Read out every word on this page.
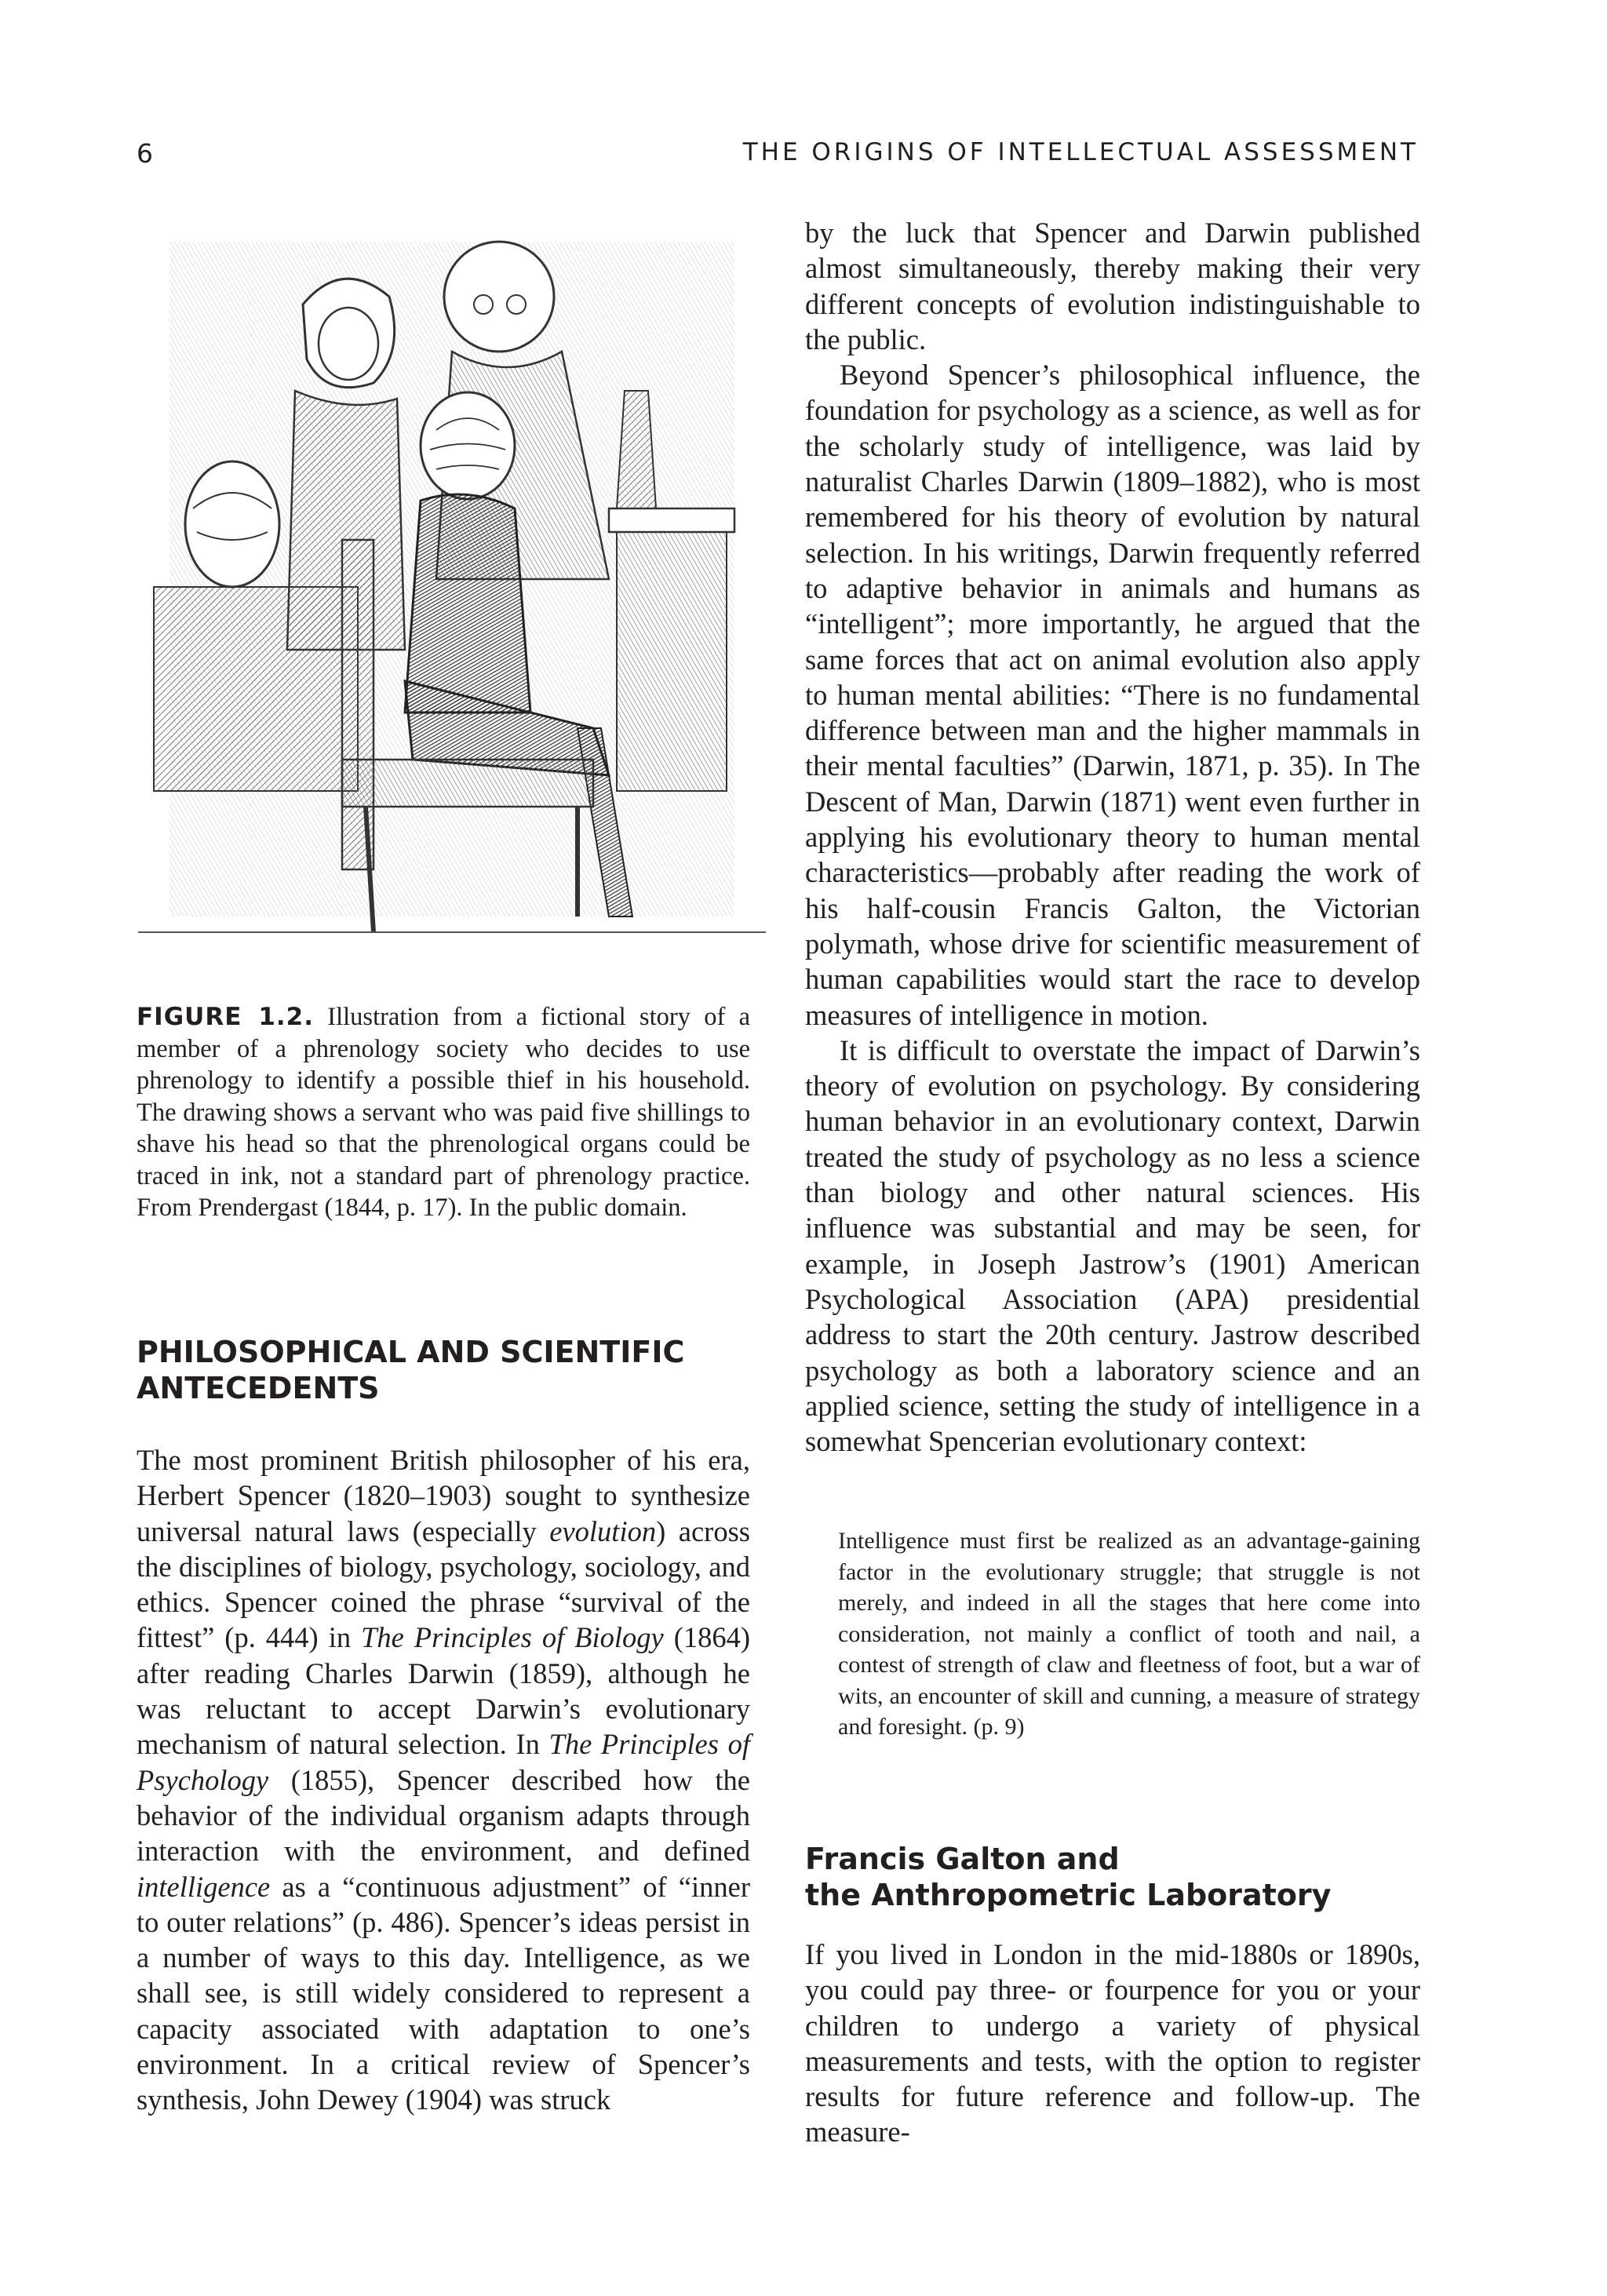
6	THE ORIGINS OF INTELLECTUAL ASSESSMENT
FIGURE 1.2. Illustration from a fictional story of a member of a phrenology society who decides to use phrenology to identify a possible thief in his household. The drawing shows a servant who was paid five shillings to shave his head so that the phrenological organs could be traced in ink, not a standard part of phrenology practice. From Prendergast (1844, p. 17). In the public domain.
PHILOSOPHICAL AND SCIENTIFIC
ANTECEDENTS

The most prominent British philosopher of his era, Herbert Spencer (1820–1903) sought to synthesize universal natural laws (especially evolution) across the disciplines of biology, psychology, sociology, and ethics. Spencer coined the phrase “survival of the fittest” (p. 444) in The Principles of Biology (1864) after reading Charles Darwin (1859), although he was reluctant to accept Darwin’s evolutionary mechanism of natural selection. In The Principles of Psychology (1855), Spencer described how the behavior of the individual organism adapts through interaction with the environment, and defined intelligence as a “continuous adjustment” of “inner to outer relations” (p. 486). Spencer’s ideas persist in a number of ways to this day. Intelligence, as we shall see, is still widely considered to represent a capacity associated with adaptation to one’s environment. In a critical review of Spencer’s synthesis, John Dewey (1904) was struck

by the luck that Spencer and Darwin published almost simultaneously, thereby making their very different concepts of evolution indistinguishable to the public.

Beyond Spencer’s philosophical influence, the foundation for psychology as a science, as well as for the scholarly study of intelligence, was laid by naturalist Charles Darwin (1809–1882), who is most remembered for his theory of evolution by natural selection. In his writings, Darwin frequently referred to adaptive behavior in animals and humans as “intelligent”; more importantly, he argued that the same forces that act on animal evolution also apply to human mental abilities: “There is no fundamental difference between man and the higher mammals in their mental faculties” (Darwin, 1871, p. 35). In The Descent of Man, Darwin (1871) went even further in applying his evolutionary theory to human mental characteristics—probably after reading the work of his half-cousin Francis Galton, the Victorian polymath, whose drive for scientific measurement of human capabilities would start the race to develop measures of intelligence in motion.

It is difficult to overstate the impact of Darwin’s theory of evolution on psychology. By considering human behavior in an evolutionary context, Darwin treated the study of psychology as no less a science than biology and other natural sciences. His influence was substantial and may be seen, for example, in Joseph Jastrow’s (1901) American Psychological Association (APA) presidential address to start the 20th century. Jastrow described psychology as both a laboratory science and an applied science, setting the study of intelligence in a somewhat Spencerian evolutionary context:

Intelligence must first be realized as an advantage-gaining factor in the evolutionary struggle; that struggle is not merely, and indeed in all the stages that here come into consideration, not mainly a conflict of tooth and nail, a contest of strength of claw and fleetness of foot, but a war of wits, an encounter of skill and cunning, a measure of strategy and foresight. (p. 9)

Francis Galton and
the Anthropometric Laboratory

If you lived in London in the mid-1880s or 1890s, you could pay three- or fourpence for you or your children to undergo a variety of physical measurements and tests, with the option to register results for future reference and follow-up. The measure-
